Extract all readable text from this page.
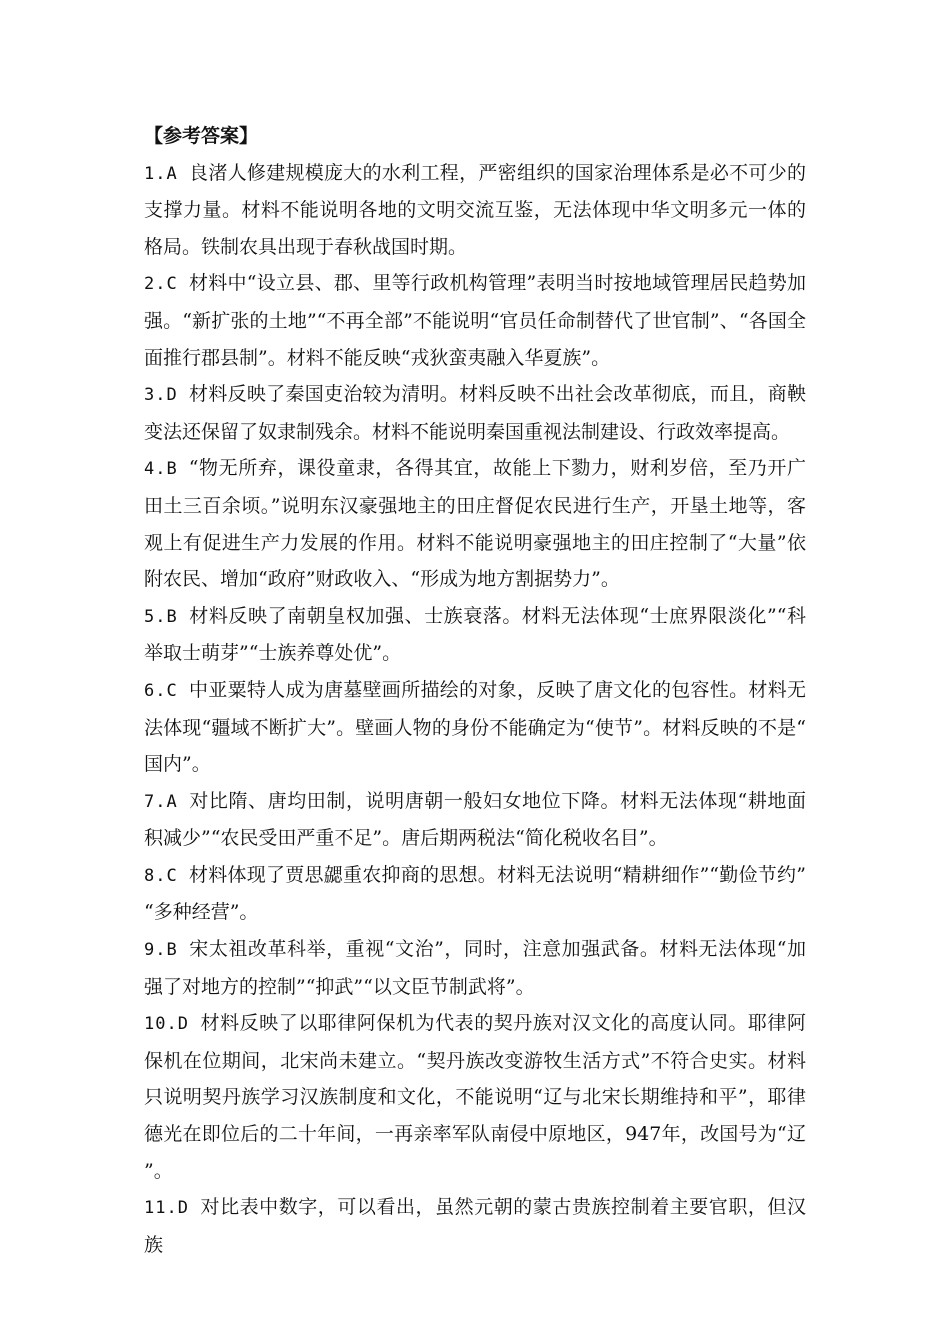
【参考答案】
1.A 良渚人修建规模庞大的水利工程，严密组织的国家治理体系是必不可少的支撑力量。材料不能说明各地的文明交流互鉴，无法体现中华文明多元一体的格局。铁制农具出现于春秋战国时期。
2.C 材料中“设立县、郡、里等行政机构管理”表明当时按地域管理居民趋势加强。“新扩张的土地”“不再全部”不能说明“官员任命制替代了世官制”、“各国全面推行郡县制”。材料不能反映“戎狄蛮夷融入华夏族”。
3.D 材料反映了秦国吏治较为清明。材料反映不出社会改革彻底，而且，商鞅变法还保留了奴隶制残余。材料不能说明秦国重视法制建设、行政效率提高。
4.B “物无所弃，课役童隶，各得其宜，故能上下勠力，财利岁倍，至乃开广田土三百余顷。”说明东汉豪强地主的田庄督促农民进行生产，开垦土地等，客观上有促进生产力发展的作用。材料不能说明豪强地主的田庄控制了“大量”依附农民、增加“政府”财政收入、“形成为地方割据势力”。
5.B 材料反映了南朝皇权加强、士族衰落。材料无法体现“士庶界限淡化”“科举取士萌芽”“士族养尊处优”。
6.C 中亚粟特人成为唐墓壁画所描绘的对象，反映了唐文化的包容性。材料无法体现“疆域不断扩大”。壁画人物的身份不能确定为“使节”。材料反映的不是“国内”。
7.A 对比隋、唐均田制，说明唐朝一般妇女地位下降。材料无法体现“耕地面积减少”“农民受田严重不足”。唐后期两税法“简化税收名目”。
8.C 材料体现了贾思勰重农抑商的思想。材料无法说明“精耕细作”“勤俭节约”“多种经营”。
9.B 宋太祖改革科举，重视“文治”，同时，注意加强武备。材料无法体现“加强了对地方的控制”“抑武”“以文臣节制武将”。
10.D 材料反映了以耶律阿保机为代表的契丹族对汉文化的高度认同。耶律阿保机在位期间，北宋尚未建立。“契丹族改变游牧生活方式”不符合史实。材料只说明契丹族学习汉族制度和文化，不能说明“辽与北宋长期维持和平”，耶律德光在即位后的二十年间，一再亲率军队南侵中原地区，947年，改国号为“辽”。
11.D 对比表中数字，可以看出，虽然元朝的蒙古贵族控制着主要官职，但汉族
